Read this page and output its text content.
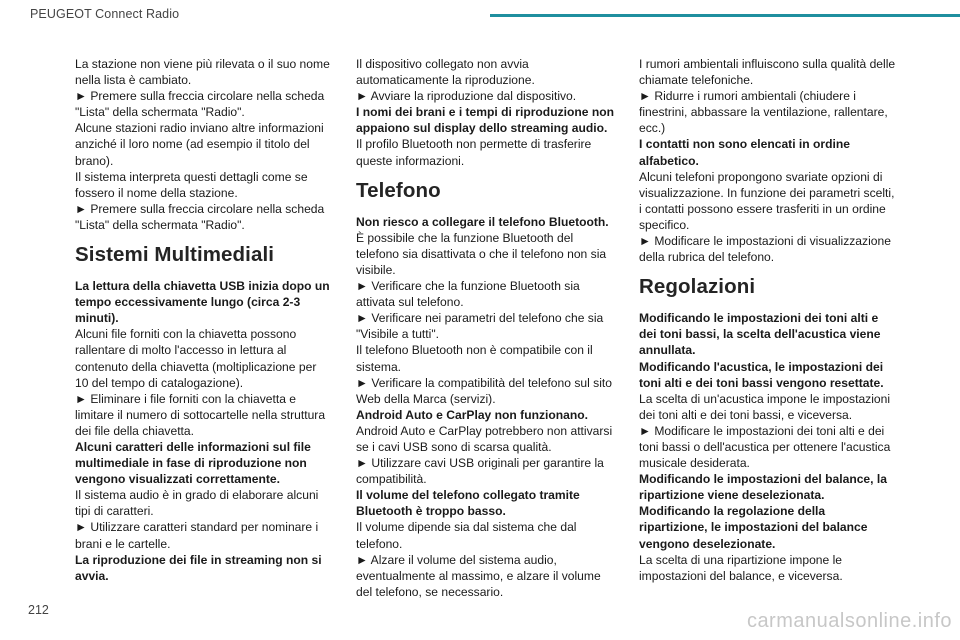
PEUGEOT Connect Radio

La stazione non viene più rilevata o il suo nome nella lista è cambiato.

► Premere sulla freccia circolare nella scheda "Lista" della schermata "Radio".

Alcune stazioni radio inviano altre informazioni anziché il loro nome (ad esempio il titolo del brano).

Il sistema interpreta questi dettagli come se fossero il nome della stazione.

► Premere sulla freccia circolare nella scheda "Lista" della schermata "Radio".

Sistemi Multimediali

La lettura della chiavetta USB inizia dopo un tempo eccessivamente lungo (circa 2-3 minuti).

Alcuni file forniti con la chiavetta possono rallentare di molto l'accesso in lettura al contenuto della chiavetta (moltiplicazione per 10 del tempo di catalogazione).

► Eliminare i file forniti con la chiavetta e limitare il numero di sottocartelle nella struttura dei file della chiavetta.

Alcuni caratteri delle informazioni sul file multimediale in fase di riproduzione non vengono visualizzati correttamente.

Il sistema audio è in grado di elaborare alcuni tipi di caratteri.

► Utilizzare caratteri standard per nominare i brani e le cartelle.

La riproduzione dei file in streaming non si avvia.

Il dispositivo collegato non avvia automaticamente la riproduzione.

► Avviare la riproduzione dal dispositivo.

I nomi dei brani e i tempi di riproduzione non appaiono sul display dello streaming audio.

Il profilo Bluetooth non permette di trasferire queste informazioni.

Telefono

Non riesco a collegare il telefono Bluetooth.

È possibile che la funzione Bluetooth del telefono sia disattivata o che il telefono non sia visibile.

► Verificare che la funzione Bluetooth sia attivata sul telefono.

► Verificare nei parametri del telefono che sia "Visibile a tutti".

Il telefono Bluetooth non è compatibile con il sistema.

► Verificare la compatibilità del telefono sul sito Web della Marca (servizi).

Android Auto e CarPlay non funzionano.

Android Auto e CarPlay potrebbero non attivarsi se i cavi USB sono di scarsa qualità.

► Utilizzare cavi USB originali per garantire la compatibilità.

Il volume del telefono collegato tramite Bluetooth è troppo basso.

Il volume dipende sia dal sistema che dal telefono.

► Alzare il volume del sistema audio, eventualmente al massimo, e alzare il volume del telefono, se necessario.

I rumori ambientali influiscono sulla qualità delle chiamate telefoniche.

► Ridurre i rumori ambientali (chiudere i finestrini, abbassare la ventilazione, rallentare, ecc.)

I contatti non sono elencati in ordine alfabetico.

Alcuni telefoni propongono svariate opzioni di visualizzazione. In funzione dei parametri scelti, i contatti possono essere trasferiti in un ordine specifico.

► Modificare le impostazioni di visualizzazione della rubrica del telefono.

Regolazioni

Modificando le impostazioni dei toni alti e dei toni bassi, la scelta dell'acustica viene annullata.

Modificando l'acustica, le impostazioni dei toni alti e dei toni bassi vengono resettate.

La scelta di un'acustica impone le impostazioni dei toni alti e dei toni bassi, e viceversa.

► Modificare le impostazioni dei toni alti e dei toni bassi o dell'acustica per ottenere l'acustica musicale desiderata.

Modificando le impostazioni del balance, la ripartizione viene deselezionata.

Modificando la regolazione della ripartizione, le impostazioni del balance vengono deselezionate.

La scelta di una ripartizione impone le impostazioni del balance, e viceversa.

212	carmanualsonline.info
